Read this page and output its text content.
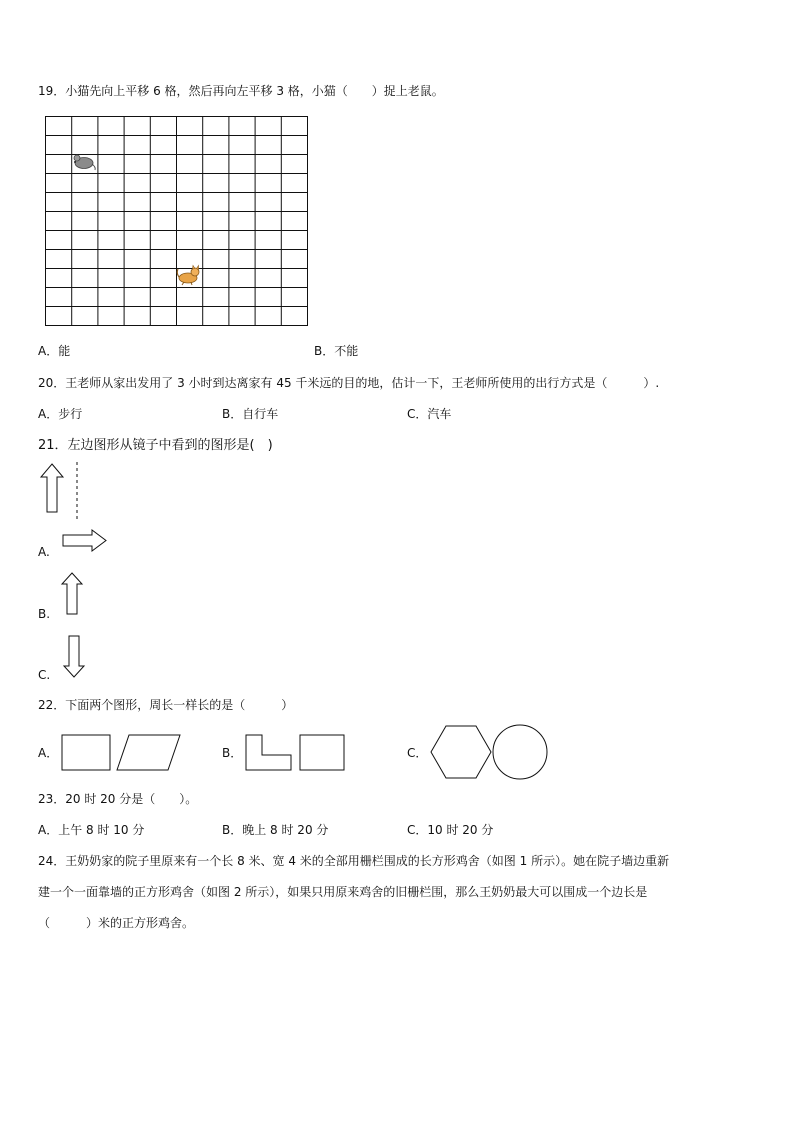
19．小猫先向上平移 6 格，然后再向左平移 3 格，小猫（　　）捉上老鼠。
A．能	B．不能
20．王老师从家出发用了 3 小时到达离家有 45 千米远的目的地，估计一下，王老师所使用的出行方式是（　　　）.
A．步行	B．自行车	C．汽车
21．左边图形从镜子中看到的图形是(　)
A.
B.
C.
22．下面两个图形，周长一样长的是（　　　）
A．	B．	C．
23．20 时 20 分是（　　）。
A．上午 8 时 10 分	B．晚上 8 时 20 分	C．10 时 20 分
24．王奶奶家的院子里原来有一个长 8 米、宽 4 米的全部用栅栏围成的长方形鸡舍（如图 1 所示）。她在院子墙边重新
建一个一面靠墙的正方形鸡舍（如图 2 所示），如果只用原来鸡舍的旧栅栏围，那么王奶奶最大可以围成一个边长是
（　　　）米的正方形鸡舍。
